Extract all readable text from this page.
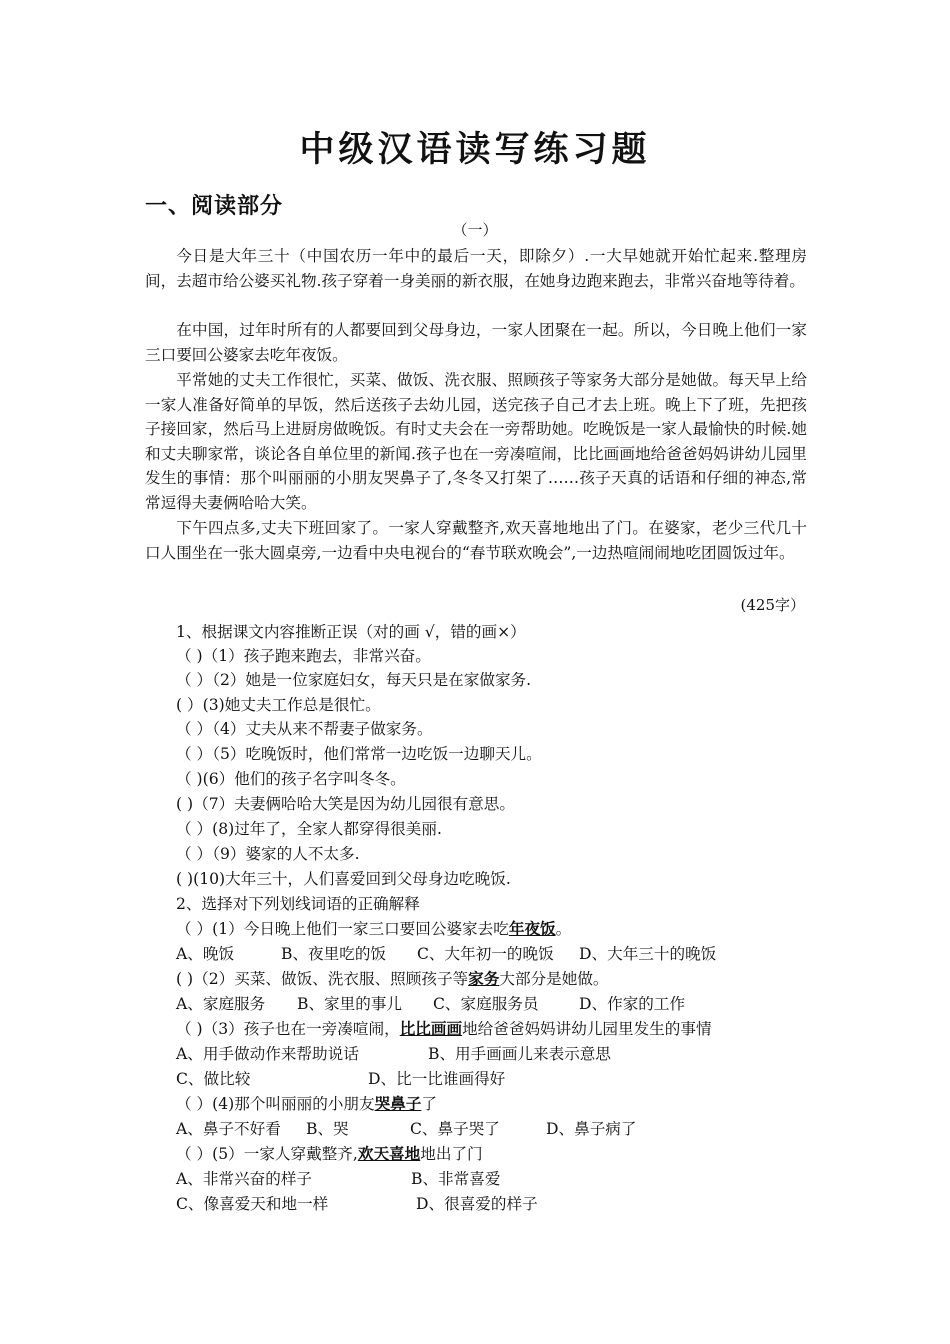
中级汉语读写练习题
一、阅读部分
（一）

今日是大年三十（中国农历一年中的最后一天，即除夕）.一大早她就开始忙起来.整理房间，去超市给公婆买礼物.孩子穿着一身美丽的新衣服，在她身边跑来跑去，非常兴奋地等待着。

在中国，过年时所有的人都要回到父母身边，一家人团聚在一起。所以，今日晚上他们一家三口要回公婆家去吃年夜饭。

平常她的丈夫工作很忙，买菜、做饭、洗衣服、照顾孩子等家务大部分是她做。每天早上给一家人准备好简单的早饭，然后送孩子去幼儿园，送完孩子自己才去上班。晚上下了班，先把孩子接回家，然后马上进厨房做晚饭。有时丈夫会在一旁帮助她。吃晚饭是一家人最愉快的时候.她和丈夫聊家常，谈论各自单位里的新闻.孩子也在一旁凑喧闹，比比画画地给爸爸妈妈讲幼儿园里发生的事情：那个叫丽丽的小朋友哭鼻子了,冬冬又打架了……孩子天真的话语和仔细的神态,常常逗得夫妻俩哈哈大笑。

下午四点多,丈夫下班回家了。一家人穿戴整齐,欢天喜地地出了门。在婆家，老少三代几十口人围坐在一张大圆桌旁,一边看中央电视台的“春节联欢晚会”,一边热喧闹闹地吃团圆饭过年。

(425字）

1、根据课文内容推断正误（对的画 √，错的画×）

（ )（1）孩子跑来跑去，非常兴奋。

（ ）（2）她是一位家庭妇女，每天只是在家做家务.

( ）(3)她丈夫工作总是很忙。

（ ）（4）丈夫从来不帮妻子做家务。

（ ）（5）吃晚饭时，他们常常一边吃饭一边聊天儿。

（ )(6）他们的孩子名字叫冬冬。

( )（7）夫妻俩哈哈大笑是因为幼儿园很有意思。

（ ）(8)过年了，全家人都穿得很美丽.

（ ）（9）婆家的人不太多.

( )(10)大年三十，人们喜爱回到父母身边吃晚饭.

2、选择对下列划线词语的正确解释

（ ）(1）今日晚上他们一家三口要回公婆家去吃年夜饭。

A、晚饭	B、夜里吃的饭 C、大年初一的晚饭 D、大年三十的晚饭

( )（2）买菜、做饭、洗衣服、照顾孩子等家务大部分是她做。

A、家庭服务 B、家里的事儿 C、家庭服务员	D、作家的工作

（ )（3）孩子也在一旁凑喧闹，比比画画地给爸爸妈妈讲幼儿园里发生的事情

A、用手做动作来帮助说话	B、用手画画儿来表示意思

C、做比较	D、比一比谁画得好

（ ）(4)那个叫丽丽的小朋友哭鼻子了

A、鼻子不好看 B、哭	C、鼻子哭了	D、鼻子病了

（ ）(5）一家人穿戴整齐,欢天喜地地出了门

A、非常兴奋的样子	B、非常喜爱

C、像喜爱天和地一样	D、很喜爱的样子
